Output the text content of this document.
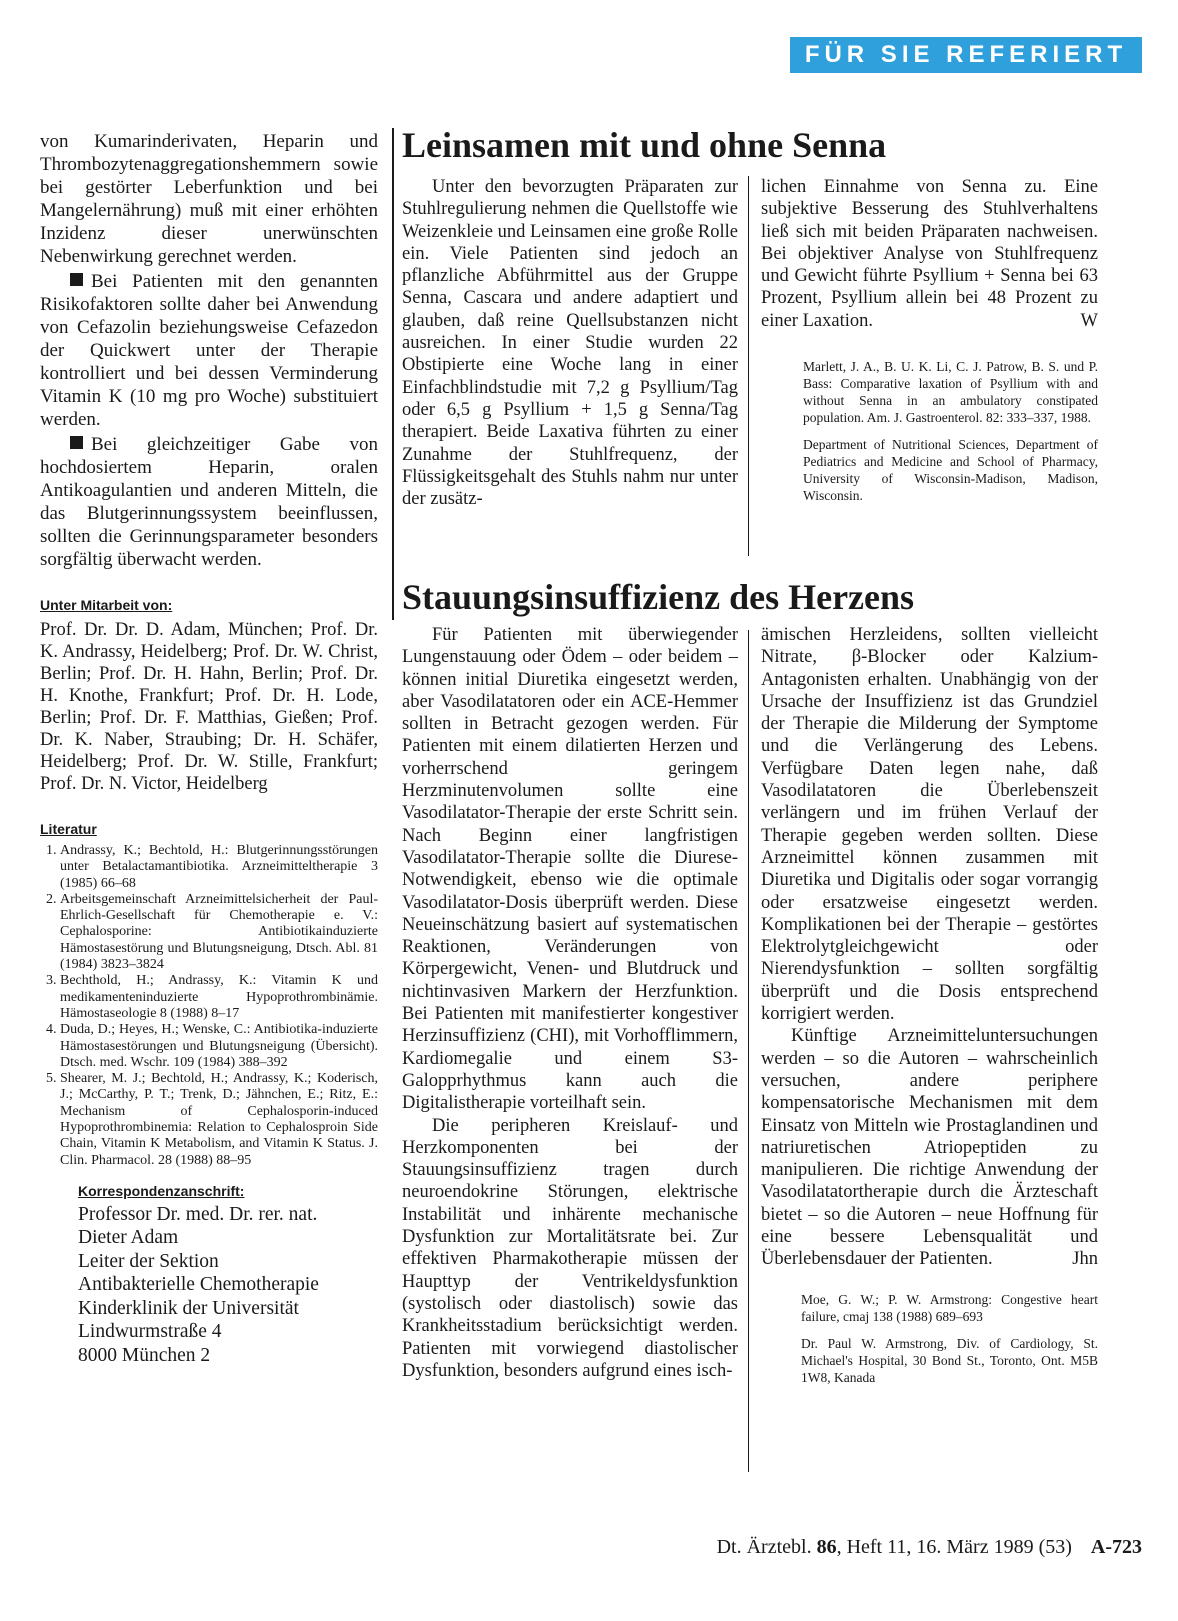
FÜR SIE REFERIERT

von Kumarinderivaten, Heparin und Thrombozytenaggregationshemmern sowie bei gestörter Leberfunktion und bei Mangelernährung) muß mit einer erhöhten Inzidenz dieser unerwünschten Nebenwirkung gerechnet werden.

Bei Patienten mit den genannten Risikofaktoren sollte daher bei Anwendung von Cefazolin beziehungsweise Cefazedon der Quickwert unter der Therapie kontrolliert und bei dessen Verminderung Vitamin K (10 mg pro Woche) substituiert werden.

Bei gleichzeitiger Gabe von hochdosiertem Heparin, oralen Antikoagulantien und anderen Mitteln, die das Blutgerinnungssystem beeinflussen, sollten die Gerinnungsparameter besonders sorgfältig überwacht werden.

Unter Mitarbeit von:

Prof. Dr. Dr. D. Adam, München; Prof. Dr. K. Andrassy, Heidelberg; Prof. Dr. W. Christ, Berlin; Prof. Dr. H. Hahn, Berlin; Prof. Dr. H. Knothe, Frankfurt; Prof. Dr. H. Lode, Berlin; Prof. Dr. F. Matthias, Gießen; Prof. Dr. K. Naber, Straubing; Dr. H. Schäfer, Heidelberg; Prof. Dr. W. Stille, Frankfurt; Prof. Dr. N. Victor, Heidelberg

Literatur
1. Andrassy, K.; Bechtold, H.: Blutgerinnungsstörungen unter Betalactamantibiotika. Arzneimitteltherapie 3 (1985) 66–68
2. Arbeitsgemeinschaft Arzneimittelsicherheit der Paul-Ehrlich-Gesellschaft für Chemotherapie e. V.: Cephalosporine: Antibiotikainduzierte Hämostasestörung und Blutungsneigung, Dtsch. Abl. 81 (1984) 3823–3824
3. Bechthold, H.; Andrassy, K.: Vitamin K und medikamenteninduzierte Hypoprothrombinämie. Hämostaseologie 8 (1988) 8–17
4. Duda, D.; Heyes, H.; Wenske, C.: Antibiotika-induzierte Hämostasestörungen und Blutungsneigung (Übersicht). Dtsch. med. Wschr. 109 (1984) 388–392
5. Shearer, M. J.; Bechtold, H.; Andrassy, K.; Koderisch, J.; McCarthy, P. T.; Trenk, D.; Jähnchen, E.; Ritz, E.: Mechanism of Cephalosporin-induced Hypoprothrombinemia: Relation to Cephalosproin Side Chain, Vitamin K Metabolism, and Vitamin K Status. J. Clin. Pharmacol. 28 (1988) 88–95
Korrespondenzanschrift:
Professor Dr. med. Dr. rer. nat.
Dieter Adam
Leiter der Sektion
Antibakterielle Chemotherapie
Kinderklinik der Universität
Lindwurmstraße 4
8000 München 2
Leinsamen mit und ohne Senna

Unter den bevorzugten Präparaten zur Stuhlregulierung nehmen die Quellstoffe wie Weizenkleie und Leinsamen eine große Rolle ein. Viele Patienten sind jedoch an pflanzliche Abführmittel aus der Gruppe Senna, Cascara und andere adaptiert und glauben, daß reine Quellsubstanzen nicht ausreichen. In einer Studie wurden 22 Obstipierte eine Woche lang in einer Einfachblindstudie mit 7,2 g Psyllium/Tag oder 6,5 g Psyllium + 1,5 g Senna/Tag therapiert. Beide Laxativa führten zu einer Zunahme der Stuhlfrequenz, der Flüssigkeitsgehalt des Stuhls nahm nur unter der zusätz-

lichen Einnahme von Senna zu. Eine subjektive Besserung des Stuhlverhaltens ließ sich mit beiden Präparaten nachweisen. Bei objektiver Analyse von Stuhlfrequenz und Gewicht führte Psyllium + Senna bei 63 Prozent, Psyllium allein bei 48 Prozent zu einer Laxation.	W

Marlett, J. A., B. U. K. Li, C. J. Patrow, B. S. und P. Bass: Comparative laxation of Psyllium with and without Senna in an ambulatory constipated population. Am. J. Gastroenterol. 82: 333–337, 1988.

Department of Nutritional Sciences, Department of Pediatrics and Medicine and School of Pharmacy, University of Wisconsin-Madison, Madison, Wisconsin.

Stauungsinsuffizienz des Herzens

Für Patienten mit überwiegender Lungenstauung oder Ödem – oder beidem – können initial Diuretika eingesetzt werden, aber Vasodilatatoren oder ein ACE-Hemmer sollten in Betracht gezogen werden. Für Patienten mit einem dilatierten Herzen und vorherrschend geringem Herzminutenvolumen sollte eine Vasodilatator-Therapie der erste Schritt sein. Nach Beginn einer langfristigen Vasodilatator-Therapie sollte die Diurese-Notwendigkeit, ebenso wie die optimale Vasodilatator-Dosis überprüft werden. Diese Neueinschätzung basiert auf systematischen Reaktionen, Veränderungen von Körpergewicht, Venen- und Blutdruck und nichtinvasiven Markern der Herzfunktion. Bei Patienten mit manifestierter kongestiver Herzinsuffizienz (CHI), mit Vorhofflimmern, Kardiomegalie und einem S3-Galopprhythmus kann auch die Digitalistherapie vorteilhaft sein.

Die peripheren Kreislauf- und Herzkomponenten bei der Stauungsinsuffizienz tragen durch neuroendokrine Störungen, elektrische Instabilität und inhärente mechanische Dysfunktion zur Mortalitätsrate bei. Zur effektiven Pharmakotherapie müssen der Haupttyp der Ventrikeldysfunktion (systolisch oder diastolisch) sowie das Krankheitsstadium berücksichtigt werden. Patienten mit vorwiegend diastolischer Dysfunktion, besonders aufgrund eines isch-

ämischen Herzleidens, sollten vielleicht Nitrate, β-Blocker oder Kalzium-Antagonisten erhalten. Unabhängig von der Ursache der Insuffizienz ist das Grundziel der Therapie die Milderung der Symptome und die Verlängerung des Lebens. Verfügbare Daten legen nahe, daß Vasodilatatoren die Überlebenszeit verlängern und im frühen Verlauf der Therapie gegeben werden sollten. Diese Arzneimittel können zusammen mit Diuretika und Digitalis oder sogar vorrangig oder ersatzweise eingesetzt werden. Komplikationen bei der Therapie – gestörtes Elektrolytgleichgewicht oder Nierendysfunktion – sollten sorgfältig überprüft und die Dosis entsprechend korrigiert werden.

Künftige Arzneimitteluntersuchungen werden – so die Autoren – wahrscheinlich versuchen, andere periphere kompensatorische Mechanismen mit dem Einsatz von Mitteln wie Prostaglandinen und natriuretischen Atriopeptiden zu manipulieren. Die richtige Anwendung der Vasodilatatortherapie durch die Ärzteschaft bietet – so die Autoren – neue Hoffnung für eine bessere Lebensqualität und Überlebensdauer der Patienten.	Jhn

Moe, G. W.; P. W. Armstrong: Congestive heart failure, cmaj 138 (1988) 689–693

Dr. Paul W. Armstrong, Div. of Cardiology, St. Michael's Hospital, 30 Bond St., Toronto, Ont. M5B 1W8, Kanada

Dt. Ärztebl. 86, Heft 11, 16. März 1989 (53) A-723
